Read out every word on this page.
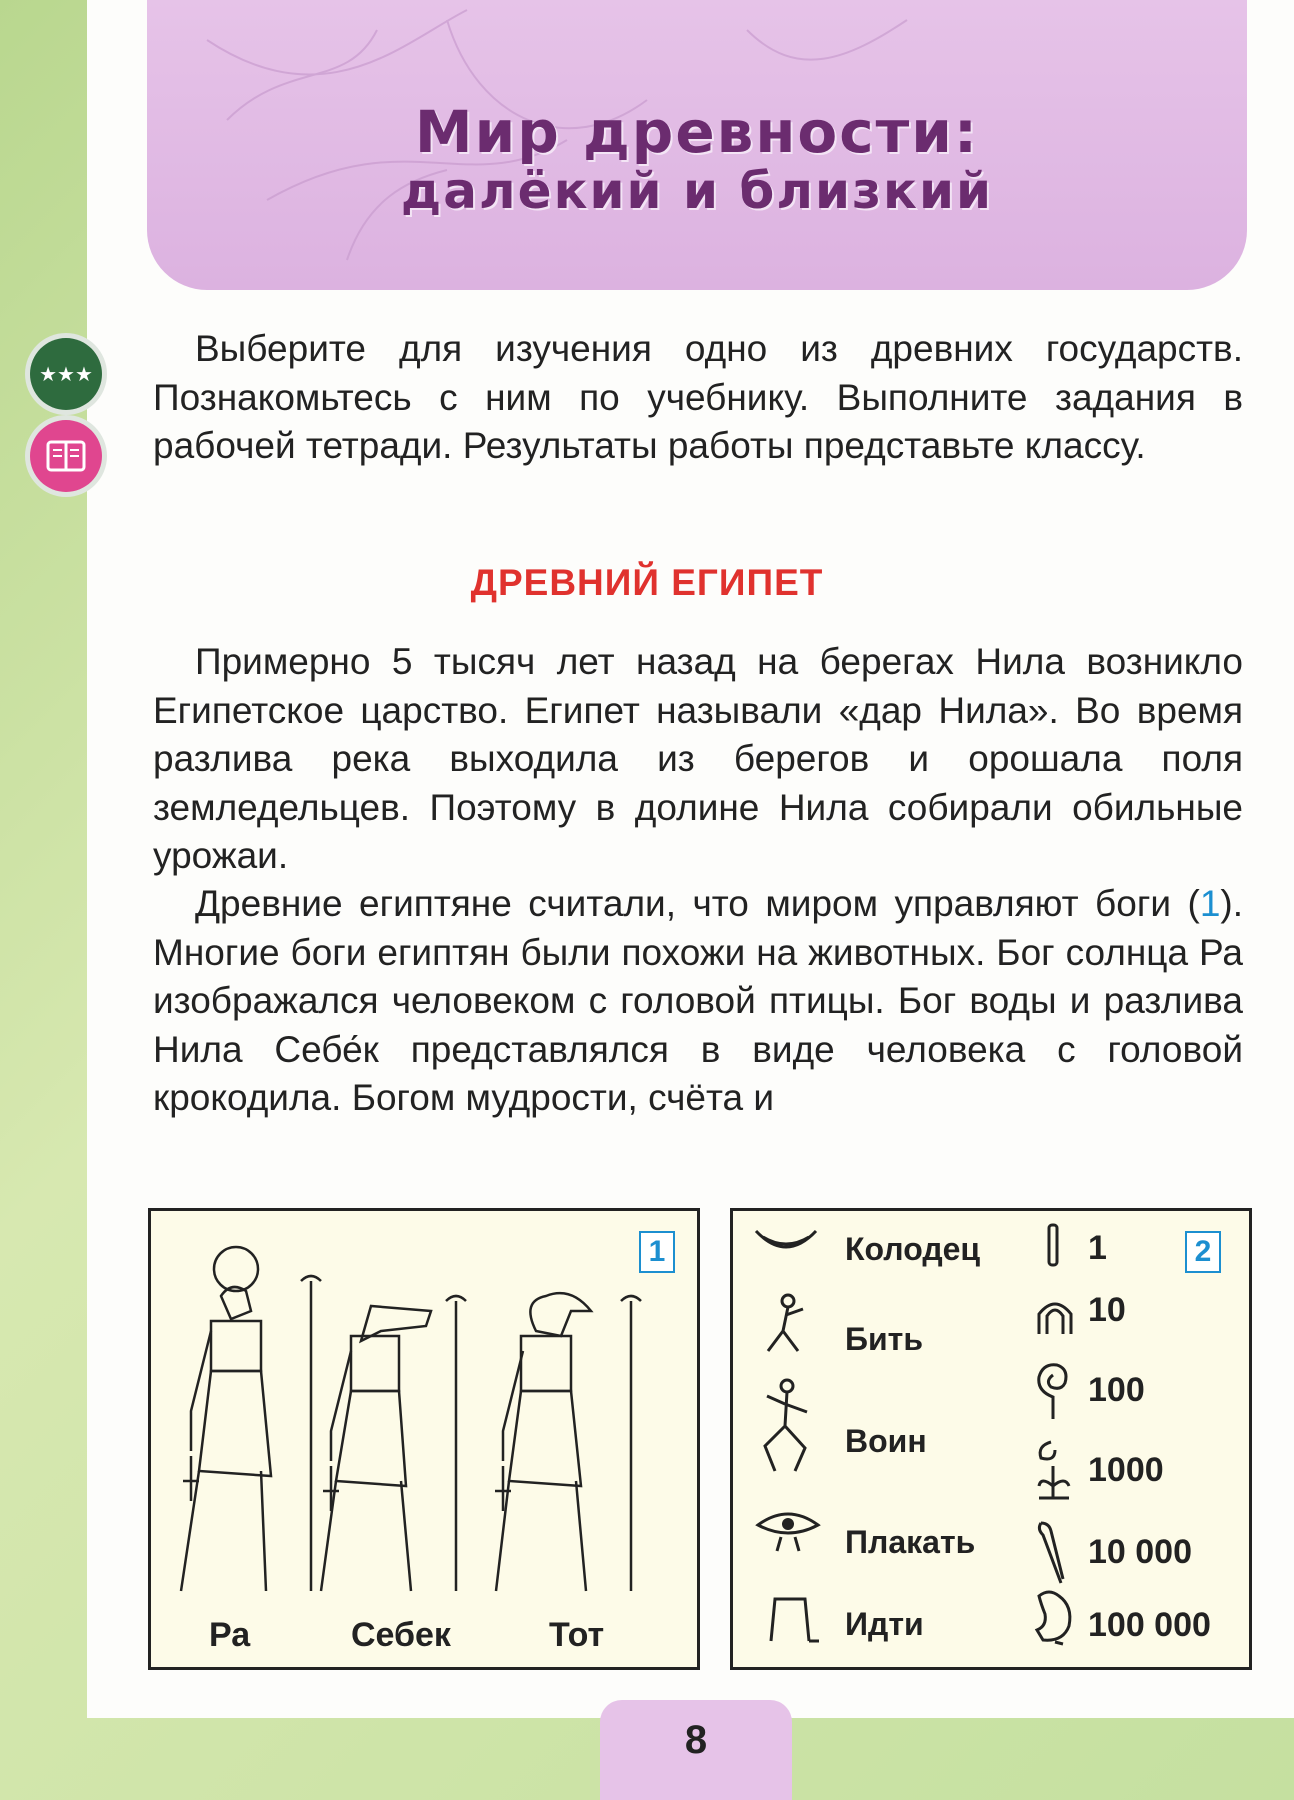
Мир древности:
далёкий и близкий
★★★
Выберите для изучения одно из древних государств. Познакомьтесь с ним по учебнику. Выполните задания в рабочей тетради. Результаты работы представьте классу.
ДРЕВНИЙ ЕГИПЕТ
Примерно 5 тысяч лет назад на берегах Нила возникло Египетское царство. Египет называли «дар Нила». Во время разлива река выходила из берегов и орошала поля земледельцев. Поэтому в долине Нила собирали обильные урожаи.
Древние египтяне считали, что миром управляют боги (1). Многие боги египтян были похожи на животных. Бог солнца Ра изображался человеком с головой птицы. Бог воды и разлива Нила Себе́к представлялся в виде человека с головой крокодила. Богом мудрости, счёта и
1
Ра	Себек	Тот
2
Колодец
Бить
Воин
Плакать
Идти
1
10
100
1000
10 000
100 000
8
